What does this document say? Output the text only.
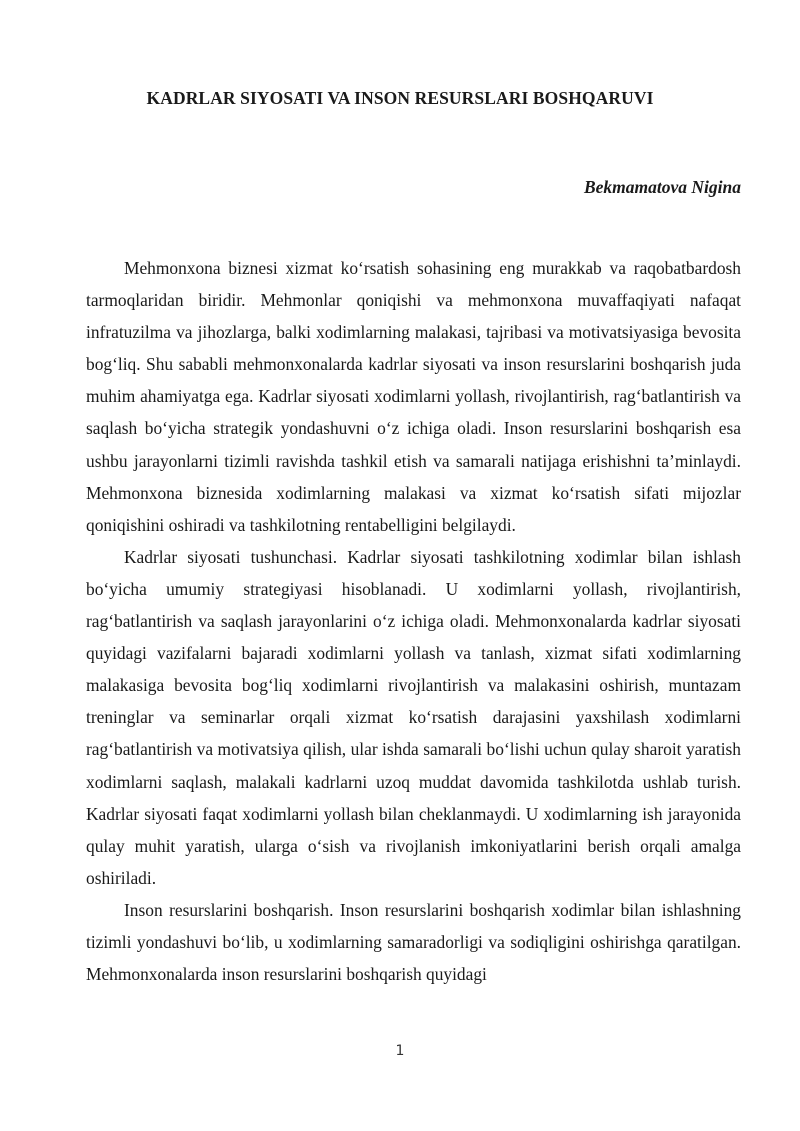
KADRLAR SIYOSATI VA INSON RESURSLARI BOSHQARUVI
Bekmamatova Nigina

Mehmonxona biznesi xizmat ko‘rsatish sohasining eng murakkab va raqobatbardosh tarmoqlaridan biridir. Mehmonlar qoniqishi va mehmonxona muvaffaqiyati nafaqat infratuzilma va jihozlarga, balki xodimlarning malakasi, tajribasi va motivatsiyasiga bevosita bog‘liq. Shu sababli mehmonxonalarda kadrlar siyosati va inson resurslarini boshqarish juda muhim ahamiyatga ega. Kadrlar siyosati xodimlarni yollash, rivojlantirish, rag‘batlantirish va saqlash bo‘yicha strategik yondashuvni o‘z ichiga oladi. Inson resurslarini boshqarish esa ushbu jarayonlarni tizimli ravishda tashkil etish va samarali natijaga erishishni ta’minlaydi. Mehmonxona biznesida xodimlarning malakasi va xizmat ko‘rsatish sifati mijozlar qoniqishini oshiradi va tashkilotning rentabelligini belgilaydi.

Kadrlar siyosati tushunchasi. Kadrlar siyosati tashkilotning xodimlar bilan ishlash bo‘yicha umumiy strategiyasi hisoblanadi. U xodimlarni yollash, rivojlantirish, rag‘batlantirish va saqlash jarayonlarini o‘z ichiga oladi. Mehmonxonalarda kadrlar siyosati quyidagi vazifalarni bajaradi xodimlarni yollash va tanlash, xizmat sifati xodimlarning malakasiga bevosita bog‘liq xodimlarni rivojlantirish va malakasini oshirish, muntazam treninglar va seminarlar orqali xizmat ko‘rsatish darajasini yaxshilash xodimlarni rag‘batlantirish va motivatsiya qilish, ular ishda samarali bo‘lishi uchun qulay sharoit yaratish xodimlarni saqlash, malakali kadrlarni uzoq muddat davomida tashkilotda ushlab turish. Kadrlar siyosati faqat xodimlarni yollash bilan cheklanmaydi. U xodimlarning ish jarayonida qulay muhit yaratish, ularga o‘sish va rivojlanish imkoniyatlarini berish orqali amalga oshiriladi.

Inson resurslarini boshqarish. Inson resurslarini boshqarish xodimlar bilan ishlashning tizimli yondashuvi bo‘lib, u xodimlarning samaradorligi va sodiqligini oshirishga qaratilgan. Mehmonxonalarda inson resurslarini boshqarish quyidagi

1
